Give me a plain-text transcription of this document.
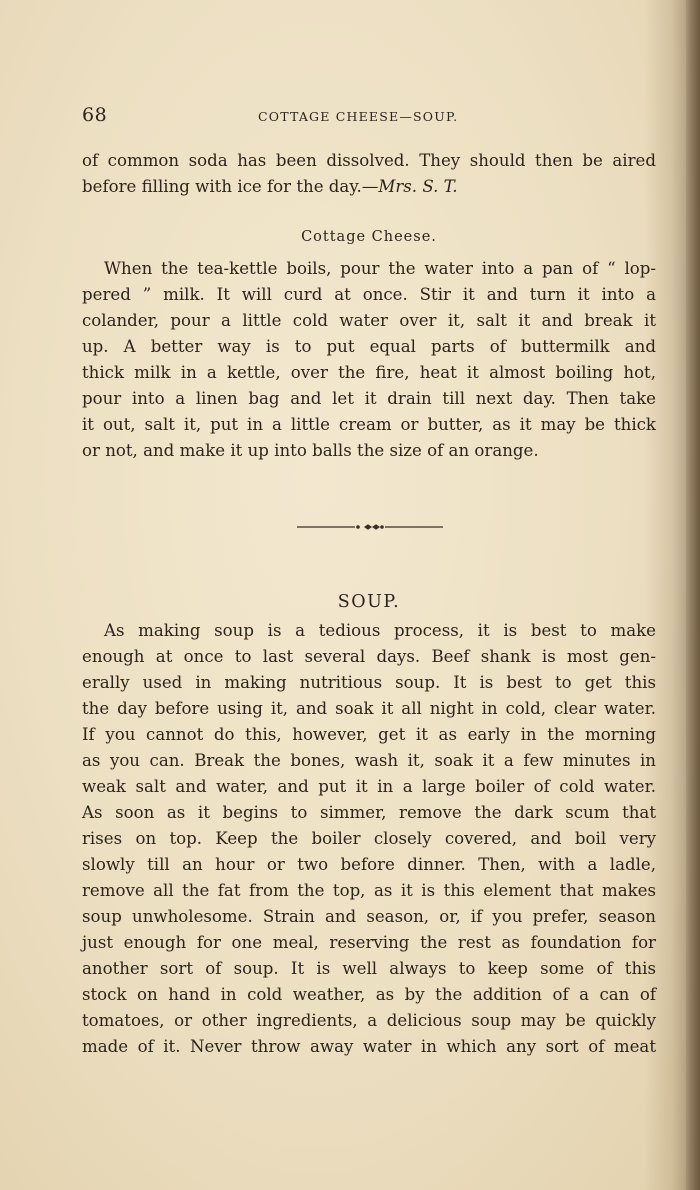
68	COTTAGE CHEESE—SOUP.
of common soda has been dissolved. They should then be aired
before filling with ice for the day.—Mrs. S. T.
Cottage Cheese.
When the tea-kettle boils, pour the water into a pan of “ lop-
pered ” milk. It will curd at once. Stir it and turn it into a
colander, pour a little cold water over it, salt it and break it
up. A better way is to put equal parts of buttermilk and
thick milk in a kettle, over the fire, heat it almost boiling hot,
pour into a linen bag and let it drain till next day. Then take
it out, salt it, put in a little cream or butter, as it may be thick
or not, and make it up into balls the size of an orange.
SOUP.
As making soup is a tedious process, it is best to make
enough at once to last several days. Beef shank is most gen-
erally used in making nutritious soup. It is best to get this
the day before using it, and soak it all night in cold, clear water.
If you cannot do this, however, get it as early in the morning
as you can. Break the bones, wash it, soak it a few minutes in
weak salt and water, and put it in a large boiler of cold water.
As soon as it begins to simmer, remove the dark scum that
rises on top. Keep the boiler closely covered, and boil very
slowly till an hour or two before dinner. Then, with a ladle,
remove all the fat from the top, as it is this element that makes
soup unwholesome. Strain and season, or, if you prefer, season
just enough for one meal, reserving the rest as foundation for
another sort of soup. It is well always to keep some of this
stock on hand in cold weather, as by the addition of a can of
tomatoes, or other ingredients, a delicious soup may be quickly
made of it. Never throw away water in which any sort of meat
